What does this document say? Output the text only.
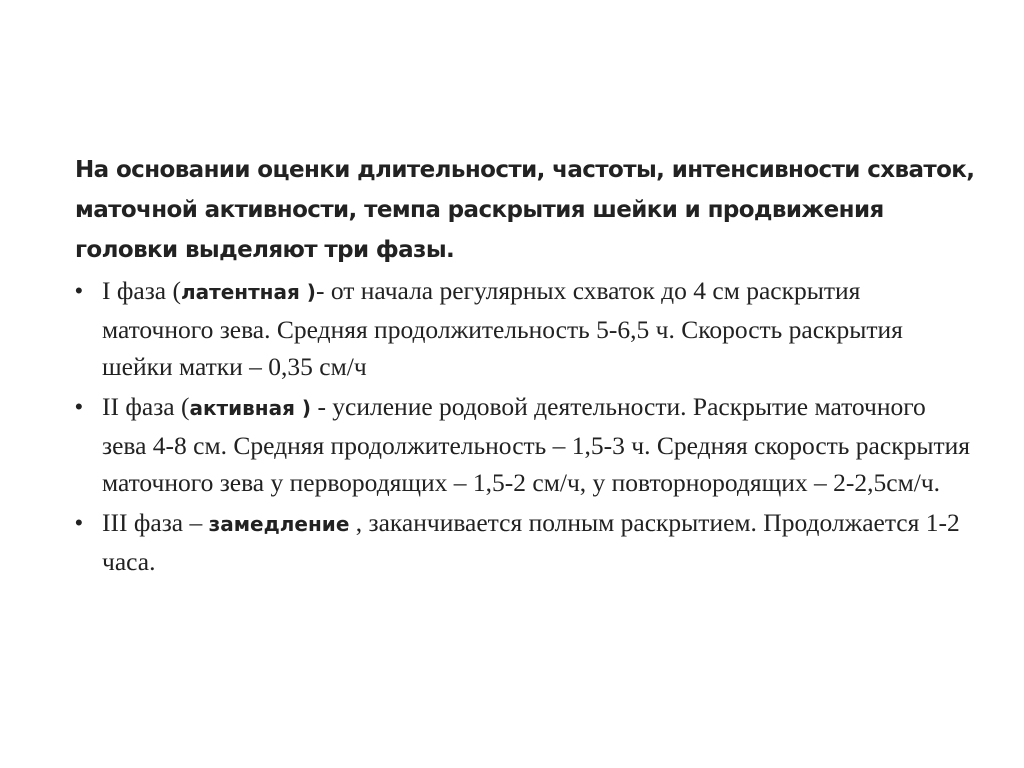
На основании оценки длительности, частоты, интенсивности схваток, маточной активности, темпа раскрытия шейки и продвижения головки выделяют три фазы.

• I фаза (латентная )- от начала регулярных схваток до 4 см раскрытия маточного зева. Средняя продолжительность 5-6,5 ч. Скорость раскрытия шейки матки – 0,35 см/ч
• II фаза (активная ) - усиление родовой деятельности. Раскрытие маточного зева 4-8 см. Средняя продолжительность – 1,5-3 ч. Средняя скорость раскрытия маточного зева у первородящих – 1,5-2 см/ч, у повторнородящих – 2-2,5см/ч.
• III фаза – замедление , заканчивается полным раскрытием. Продолжается 1-2 часа.
